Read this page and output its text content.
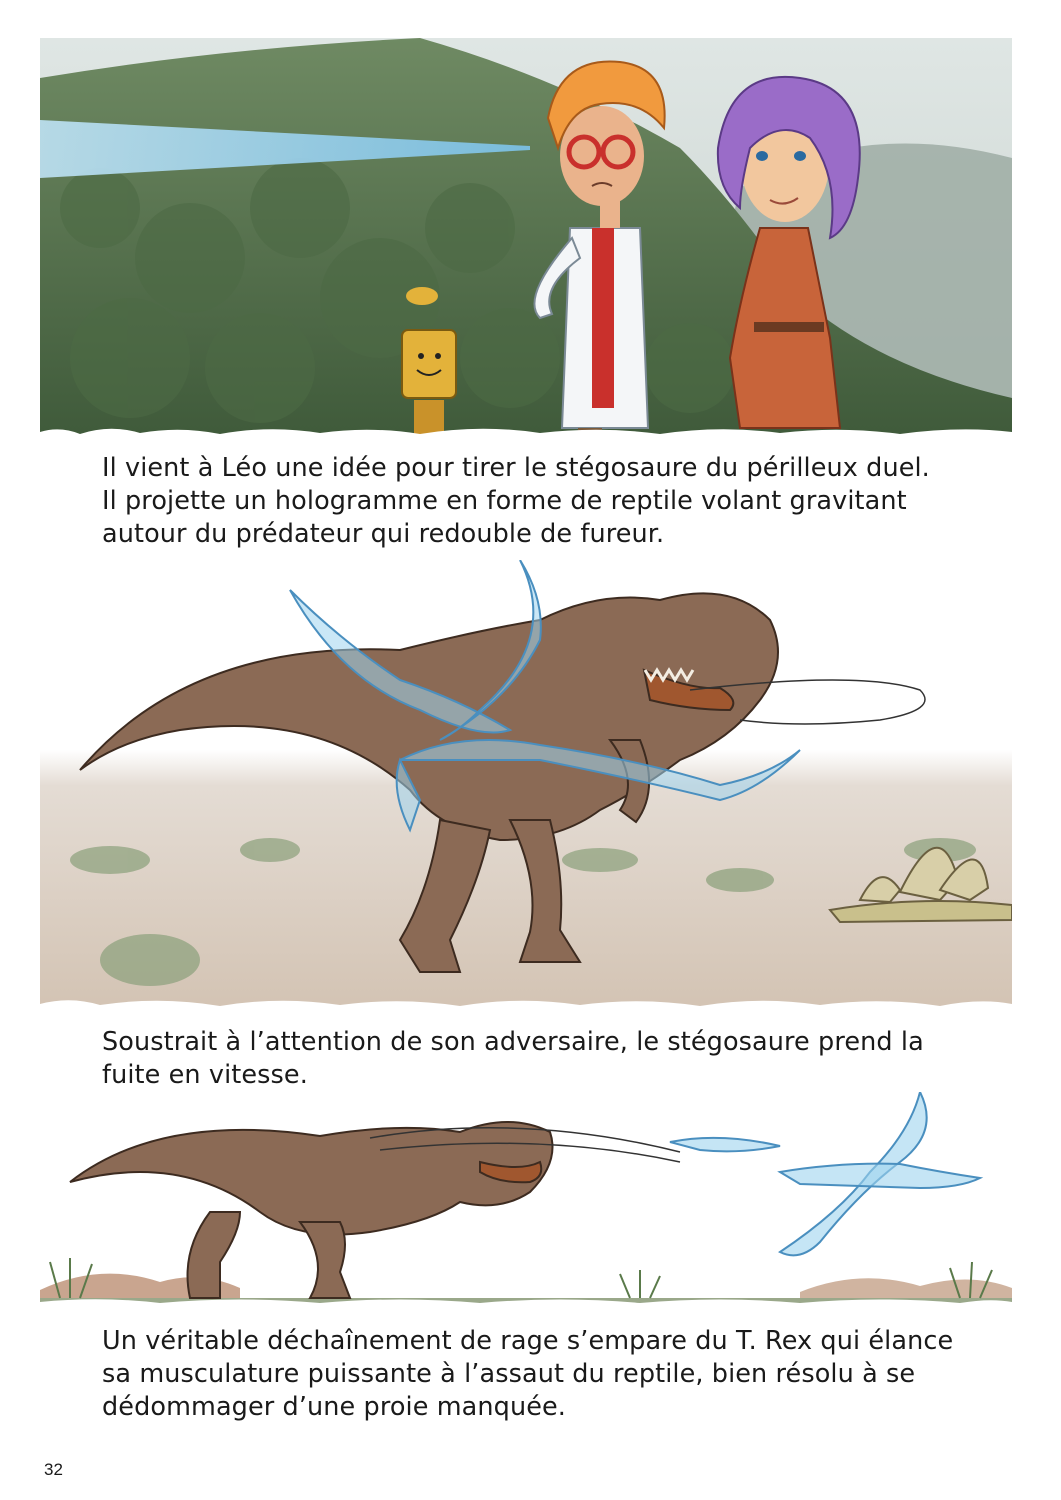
Il vient à Léo une idée pour tirer le stégosaure du périlleux duel.
Il projette un hologramme en forme de reptile volant gravitant
autour du prédateur qui redouble de fureur.

Soustrait à l’attention de son adversaire, le stégosaure prend la
fuite en vitesse.

Un véritable déchaînement de rage s’empare du T. Rex qui élance
sa musculature puissante à l’assaut du reptile, bien résolu à se
dédommager d’une proie manquée.

32
